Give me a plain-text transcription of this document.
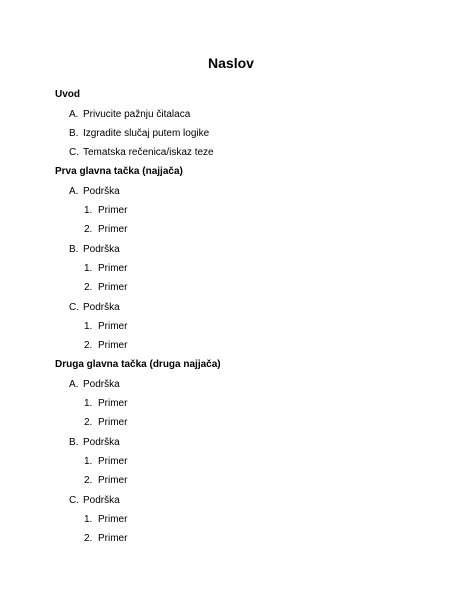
Naslov
Uvod
A. Privucite pažnju čitalaca
B. Izgradite slučaj putem logike
C. Tematska rečenica/iskaz teze
Prva glavna tačka (najjača)
A. Podrška
1. Primer
2. Primer
B. Podrška
1. Primer
2. Primer
C. Podrška
1. Primer
2. Primer
Druga glavna tačka (druga najjača)
A. Podrška
1. Primer
2. Primer
B. Podrška
1. Primer
2. Primer
C. Podrška
1. Primer
2. Primer
